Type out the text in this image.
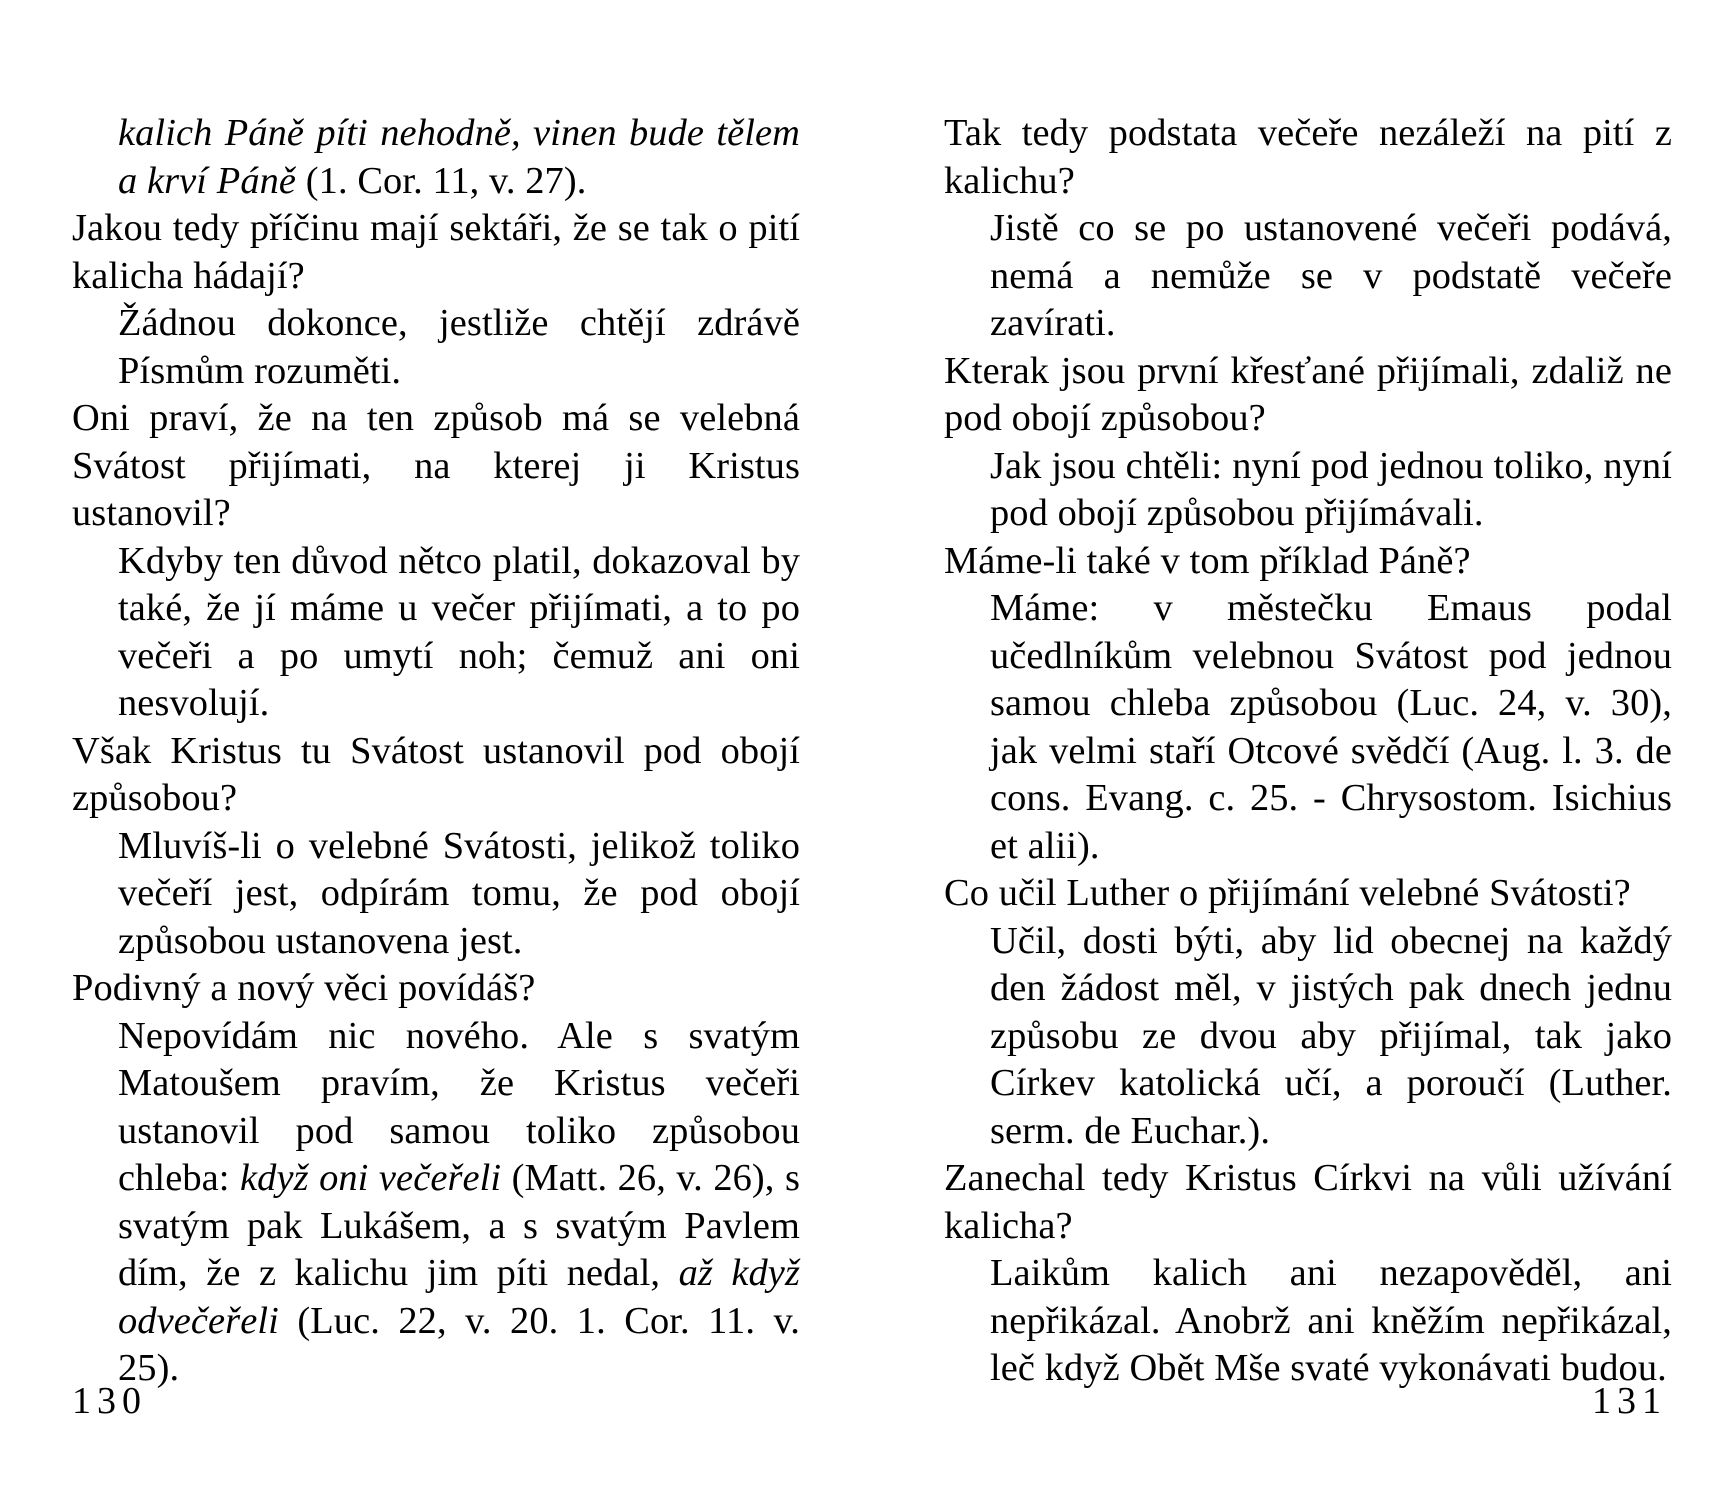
kalich Páně píti nehodně, vinen bude tělem a krví Páně (1. Cor. 11, v. 27).

Jakou tedy příčinu mají sektáři, že se tak o pití kalicha hádají?

Žádnou dokonce, jestliže chtějí zdrávě Písmům rozuměti.

Oni praví, že na ten způsob má se velebná Svátost přijímati, na kterej ji Kristus ustanovil?

Kdyby ten důvod nětco platil, dokazoval by také, že jí máme u večer přijímati, a to po večeři a po umytí noh; čemuž ani oni nesvolují.

Však Kristus tu Svátost ustanovil pod obojí způsobou?

Mluvíš-li o velebné Svátosti, jelikož toliko večeří jest, odpírám tomu, že pod obojí způsobou ustanovena jest.

Podivný a nový věci povídáš?

Nepovídám nic nového. Ale s svatým Matoušem pravím, že Kristus večeři ustanovil pod samou toliko způsobou chleba: když oni večeřeli (Matt. 26, v. 26), s svatým pak Lukášem, a s svatým Pavlem dím, že z kalichu jim píti nedal, až když odvečeřeli (Luc. 22, v. 20. 1. Cor. 11. v. 25).

Tak tedy podstata večeře nezáleží na pití z kalichu?

Jistě co se po ustanovené večeři podává, nemá a nemůže se v podstatě večeře zavírati.

Kterak jsou první křesťané přijímali, zdaliž ne pod obojí způsobou?

Jak jsou chtěli: nyní pod jednou toliko, nyní pod obojí způsobou přijímávali.

Máme-li také v tom příklad Páně?

Máme: v městečku Emaus podal učedlníkům velebnou Svátost pod jednou samou chleba způsobou (Luc. 24, v. 30), jak velmi staří Otcové svědčí (Aug. l. 3. de cons. Evang. c. 25. - Chrysostom. Isichius et alii).

Co učil Luther o přijímání velebné Svátosti?

Učil, dosti býti, aby lid obecnej na každý den žádost měl, v jistých pak dnech jednu způsobu ze dvou aby přijímal, tak jako Církev katolická učí, a poroučí (Luther. serm. de Euchar.).

Zanechal tedy Kristus Církvi na vůli užívání kalicha?

Laikům kalich ani nezapověděl, ani nepřikázal. Anobrž ani kněžím nepřikázal, leč když Obět Mše svaté vykonávati budou.

130	131
